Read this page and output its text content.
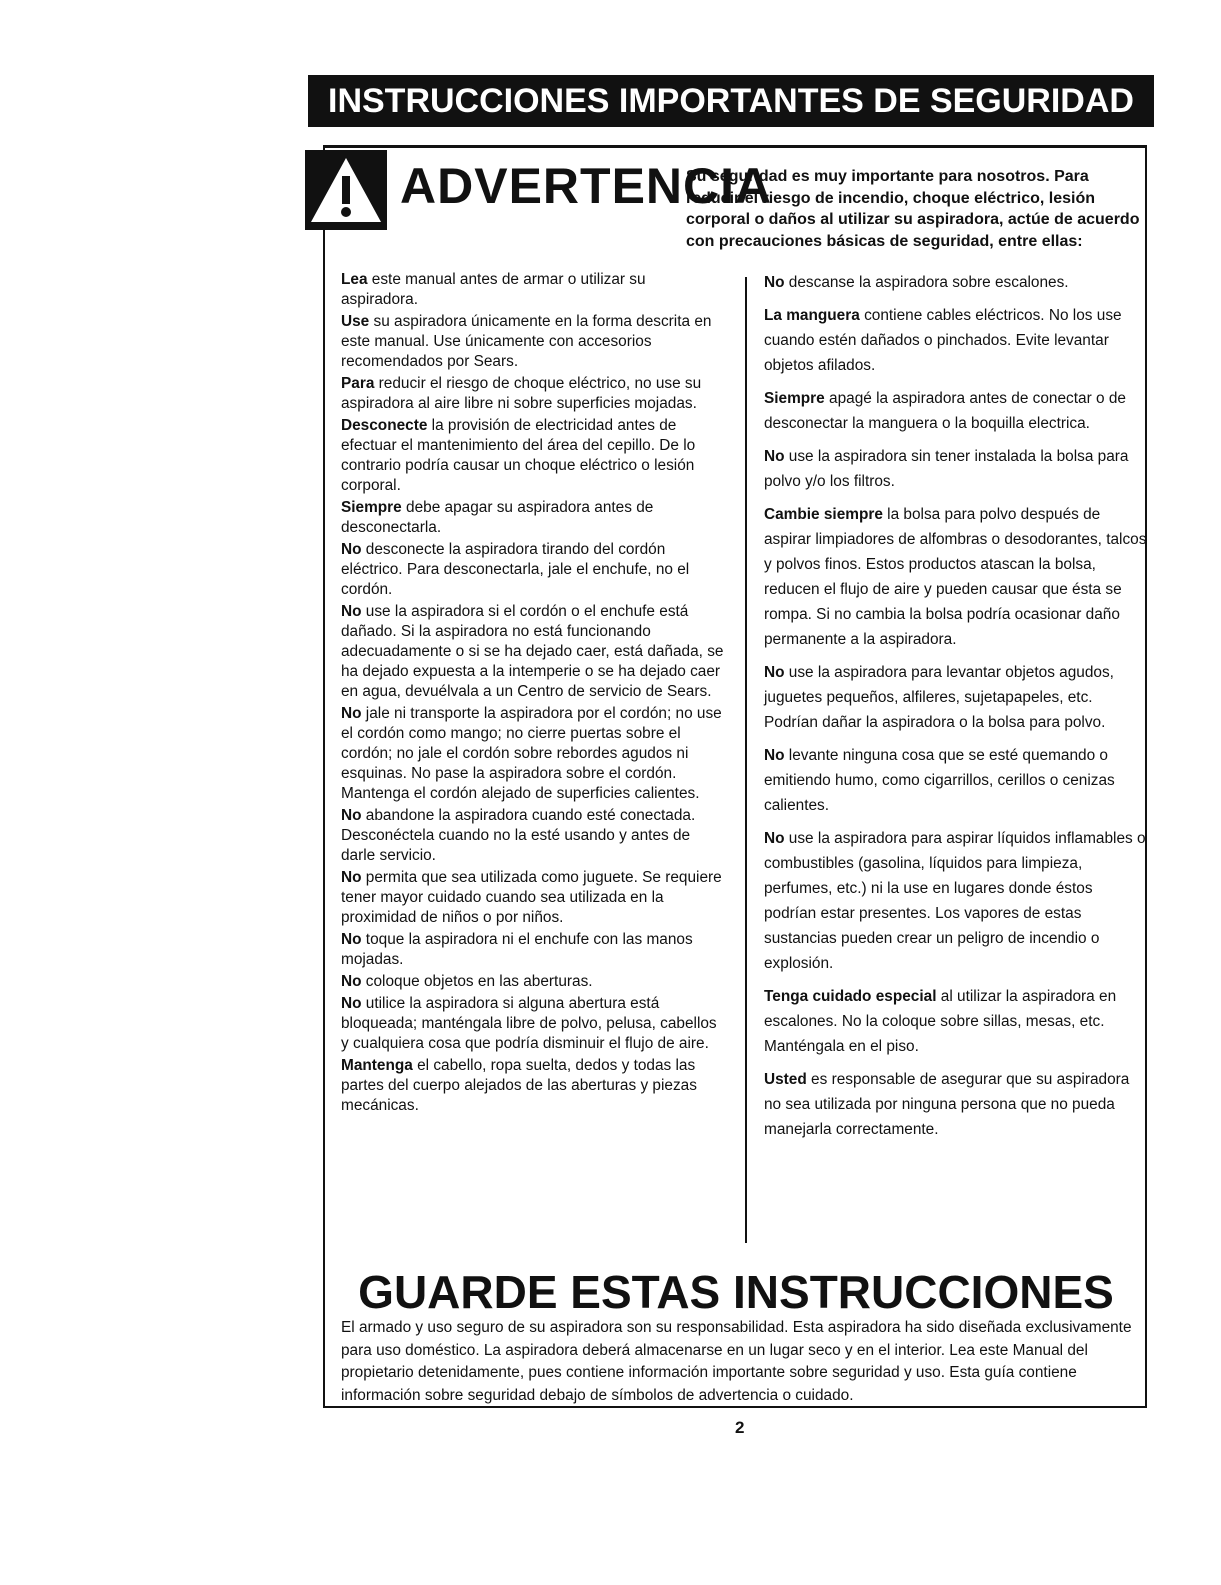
INSTRUCCIONES IMPORTANTES DE SEGURIDAD
ADVERTENCIA
Su seguridad es muy importante para nosotros. Para reducir el riesgo de incendio, choque eléctrico, lesión corporal o daños al utilizar su aspiradora, actúe de acuerdo con precauciones básicas de seguridad, entre ellas:

Lea este manual antes de armar o utilizar su aspiradora.

Use su aspiradora únicamente en la forma descrita en este manual. Use únicamente con accesorios recomendados por Sears.

Para reducir el riesgo de choque eléctrico, no use su aspiradora al aire libre ni sobre superficies mojadas.

Desconecte la provisión de electricidad antes de efectuar el mantenimiento del área del cepillo. De lo contrario podría causar un choque eléctrico o lesión corporal.

Siempre debe apagar su aspiradora antes de desconectarla.

No desconecte la aspiradora tirando del cordón eléctrico. Para desconectarla, jale el enchufe, no el cordón.

No use la aspiradora si el cordón o el enchufe está dañado. Si la aspiradora no está funcionando adecuadamente o si se ha dejado caer, está dañada, se ha dejado expuesta a la intemperie o se ha dejado caer en agua, devuélvala a un Centro de servicio de Sears.

No jale ni transporte la aspiradora por el cordón; no use el cordón como mango; no cierre puertas sobre el cordón; no jale el cordón sobre rebordes agudos ni esquinas. No pase la aspiradora sobre el cordón. Mantenga el cordón alejado de superficies calientes.

No abandone la aspiradora cuando esté conectada. Desconéctela cuando no la esté usando y antes de darle servicio.

No permita que sea utilizada como juguete. Se requiere tener mayor cuidado cuando sea utilizada en la proximidad de niños o por niños.

No toque la aspiradora ni el enchufe con las manos mojadas.

No coloque objetos en las aberturas.

No utilice la aspiradora si alguna abertura está bloqueada; manténgala libre de polvo, pelusa, cabellos y cualquiera cosa que podría disminuir el flujo de aire.

Mantenga el cabello, ropa suelta, dedos y todas las partes del cuerpo alejados de las aberturas y piezas mecánicas.

No descanse la aspiradora sobre escalones.

La manguera contiene cables eléctricos. No los use cuando estén dañados o pinchados. Evite levantar objetos afilados.

Siempre apagé la aspiradora antes de conectar o de desconectar la manguera o la boquilla electrica.

No use la aspiradora sin tener instalada la bolsa para polvo y/o los filtros.

Cambie siempre la bolsa para polvo después de aspirar limpiadores de alfombras o desodorantes, talcos y polvos finos. Estos productos atascan la bolsa, reducen el flujo de aire y pueden causar que ésta se rompa. Si no cambia la bolsa podría ocasionar daño permanente a la aspiradora.

No use la aspiradora para levantar objetos agudos, juguetes pequeños, alfileres, sujetapapeles, etc. Podrían dañar la aspiradora o la bolsa para polvo.

No levante ninguna cosa que se esté quemando o emitiendo humo, como cigarrillos, cerillos o cenizas calientes.

No use la aspiradora para aspirar líquidos inflamables o combustibles (gasolina, líquidos para limpieza, perfumes, etc.) ni la use en lugares donde éstos podrían estar presentes. Los vapores de estas sustancias pueden crear un peligro de incendio o explosión.

Tenga cuidado especial al utilizar la aspiradora en escalones. No la coloque sobre sillas, mesas, etc. Manténgala en el piso.

Usted es responsable de asegurar que su aspiradora no sea utilizada por ninguna persona que no pueda manejarla correctamente.

GUARDE ESTAS INSTRUCCIONES
El armado y uso seguro de su aspiradora son su responsabilidad. Esta aspiradora ha sido diseñada exclusivamente para uso doméstico. La aspiradora deberá almacenarse en un lugar seco y en el interior. Lea este Manual del propietario detenidamente, pues contiene información importante sobre seguridad y uso. Esta guía contiene información sobre seguridad debajo de símbolos de advertencia o cuidado.
2
